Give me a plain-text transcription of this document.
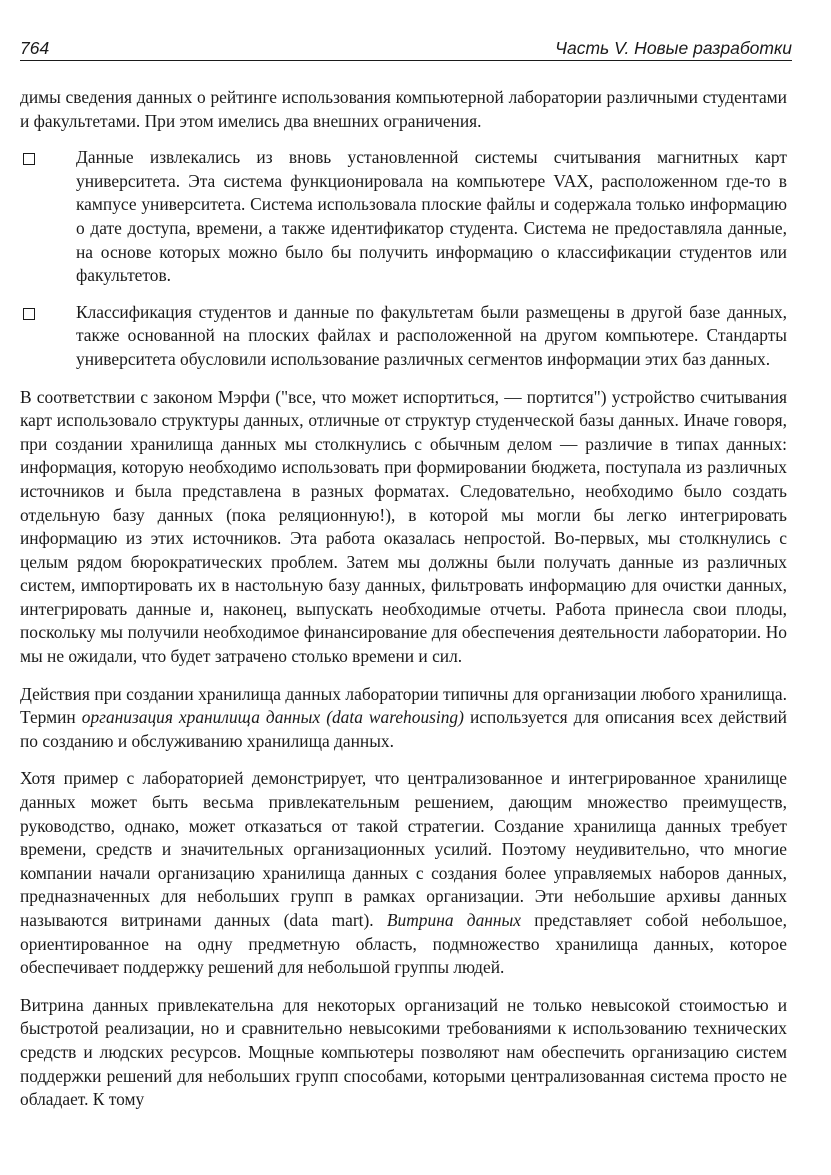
764	Часть V. Новые разработки

димы сведения данных о рейтинге использования компьютерной лаборатории различными студентами и факультетами. При этом имелись два внешних ограничения.

Данные извлекались из вновь установленной системы считывания магнитных карт университета. Эта система функционировала на компьютере VAX, расположенном где-то в кампусе университета. Система использовала плоские файлы и содержала только информацию о дате доступа, времени, а также идентификатор студента. Система не предоставляла данные, на основе которых можно было бы получить информацию о классификации студентов или факультетов.
Классификация студентов и данные по факультетам были размещены в другой базе данных, также основанной на плоских файлах и расположенной на другом компьютере. Стандарты университета обусловили использование различных сегментов информации этих баз данных.

В соответствии с законом Мэрфи ("все, что может испортиться, — портится") устройство считывания карт использовало структуры данных, отличные от структур студенческой базы данных. Иначе говоря, при создании хранилища данных мы столкнулись с обычным делом — различие в типах данных: информация, которую необходимо использовать при формировании бюджета, поступала из различных источников и была представлена в разных форматах. Следовательно, необходимо было создать отдельную базу данных (пока реляционную!), в которой мы могли бы легко интегрировать информацию из этих источников. Эта работа оказалась непростой. Во-первых, мы столкнулись с целым рядом бюрократических проблем. Затем мы должны были получать данные из различных систем, импортировать их в настольную базу данных, фильтровать информацию для очистки данных, интегрировать данные и, наконец, выпускать необходимые отчеты. Работа принесла свои плоды, поскольку мы получили необходимое финансирование для обеспечения деятельности лаборатории. Но мы не ожидали, что будет затрачено столько времени и сил.

Действия при создании хранилища данных лаборатории типичны для организации любого хранилища. Термин организация хранилища данных (data warehousing) используется для описания всех действий по созданию и обслуживанию хранилища данных.

Хотя пример с лабораторией демонстрирует, что централизованное и интегрированное хранилище данных может быть весьма привлекательным решением, дающим множество преимуществ, руководство, однако, может отказаться от такой стратегии. Создание хранилища данных требует времени, средств и значительных организационных усилий. Поэтому неудивительно, что многие компании начали организацию хранилища данных с создания более управляемых наборов данных, предназначенных для небольших групп в рамках организации. Эти небольшие архивы данных называются витринами данных (data mart). Витрина данных представляет собой небольшое, ориентированное на одну предметную область, подмножество хранилища данных, которое обеспечивает поддержку решений для небольшой группы людей.

Витрина данных привлекательна для некоторых организаций не только невысокой стоимостью и быстротой реализации, но и сравнительно невысокими требованиями к использованию технических средств и людских ресурсов. Мощные компьютеры позволяют нам обеспечить организацию систем поддержки решений для небольших групп способами, которыми централизованная система просто не обладает. К тому
